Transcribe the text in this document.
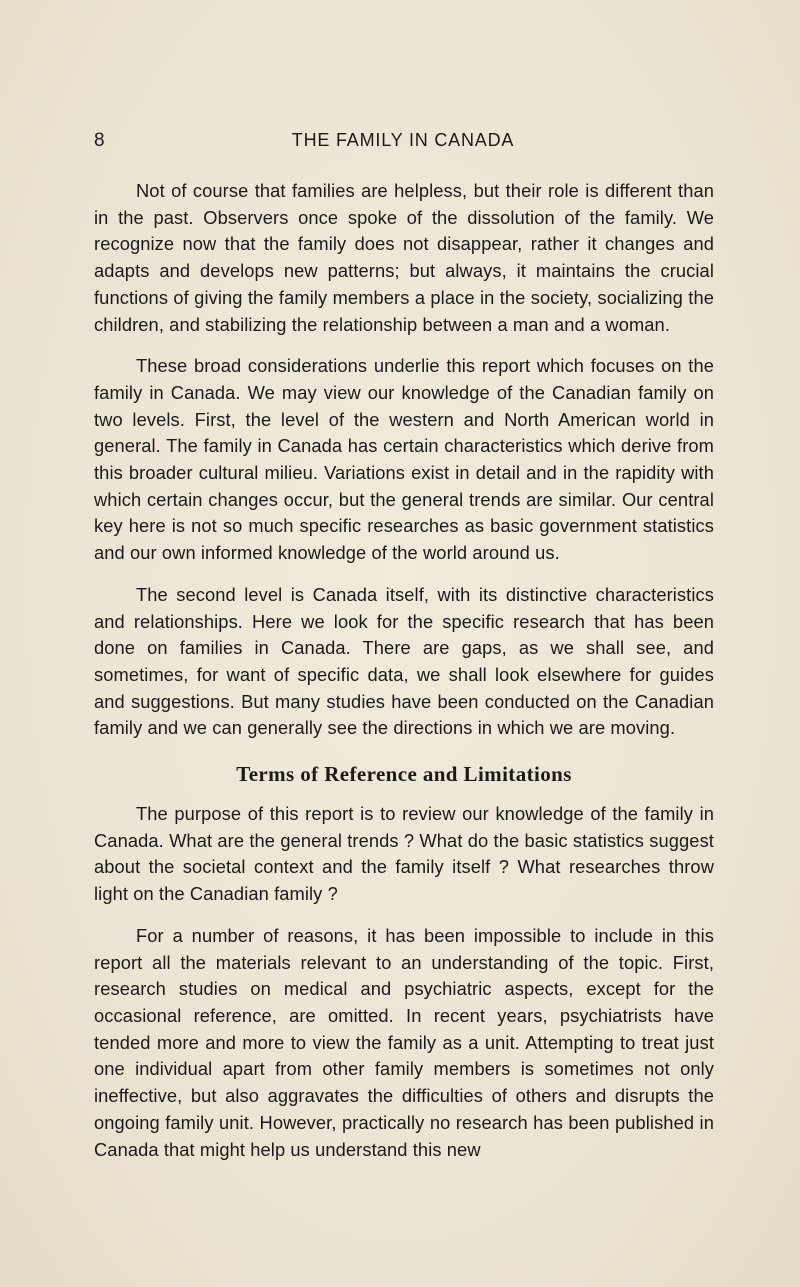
8	THE FAMILY IN CANADA

Not of course that families are helpless, but their role is different than in the past. Observers once spoke of the dissolution of the family. We recognize now that the family does not disappear, rather it changes and adapts and develops new patterns; but always, it maintains the crucial functions of giving the family members a place in the society, socializing the children, and stabilizing the relationship between a man and a woman.

These broad considerations underlie this report which focuses on the family in Canada. We may view our knowledge of the Canadian family on two levels. First, the level of the western and North American world in general. The family in Canada has certain characteristics which derive from this broader cultural milieu. Variations exist in detail and in the rapidity with which certain changes occur, but the general trends are similar. Our central key here is not so much specific researches as basic government statistics and our own informed knowledge of the world around us.

The second level is Canada itself, with its distinctive characteristics and relationships. Here we look for the specific research that has been done on families in Canada. There are gaps, as we shall see, and sometimes, for want of specific data, we shall look elsewhere for guides and suggestions. But many studies have been conducted on the Canadian family and we can generally see the directions in which we are moving.

Terms of Reference and Limitations

The purpose of this report is to review our knowledge of the family in Canada. What are the general trends ? What do the basic statistics suggest about the societal context and the family itself ? What researches throw light on the Canadian family ?

For a number of reasons, it has been impossible to include in this report all the materials relevant to an understanding of the topic. First, research studies on medical and psychiatric aspects, except for the occasional reference, are omitted. In recent years, psychiatrists have tended more and more to view the family as a unit. Attempting to treat just one individual apart from other family members is sometimes not only ineffective, but also aggravates the difficulties of others and disrupts the ongoing family unit. However, practically no research has been published in Canada that might help us understand this new
